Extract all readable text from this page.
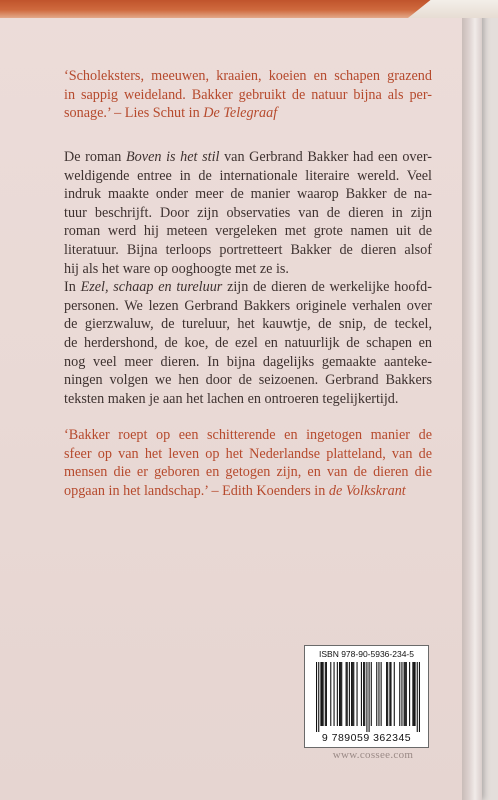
‘Scholeksters, meeuwen, kraaien, koeien en schapen grazend
in sappig weideland. Bakker gebruikt de natuur bijna als per-
sonage.’ – Lies Schut in De Telegraaf
De roman Boven is het stil van Gerbrand Bakker had een over-
weldigende entree in de internationale literaire wereld. Veel
indruk maakte onder meer de manier waarop Bakker de na-
tuur beschrijft. Door zijn observaties van de dieren in zijn
roman werd hij meteen vergeleken met grote namen uit de
literatuur. Bijna terloops portretteert Bakker de dieren alsof
hij als het ware op ooghoogte met ze is.
In Ezel, schaap en tureluur zijn de dieren de werkelijke hoofd-
personen. We lezen Gerbrand Bakkers originele verhalen over
de gierzwaluw, de tureluur, het kauwtje, de snip, de teckel,
de herdershond, de koe, de ezel en natuurlijk de schapen en
nog veel meer dieren. In bijna dagelijks gemaakte aanteke-
ningen volgen we hen door de seizoenen. Gerbrand Bakkers
teksten maken je aan het lachen en ontroeren tegelijkertijd.
‘Bakker roept op een schitterende en ingetogen manier de
sfeer op van het leven op het Nederlandse platteland, van de
mensen die er geboren en getogen zijn, en van de dieren die
opgaan in het landschap.’ – Edith Koenders in de Volkskrant
ISBN 978-90-5936-234-5
9 789059 362345
www.cossee.com
